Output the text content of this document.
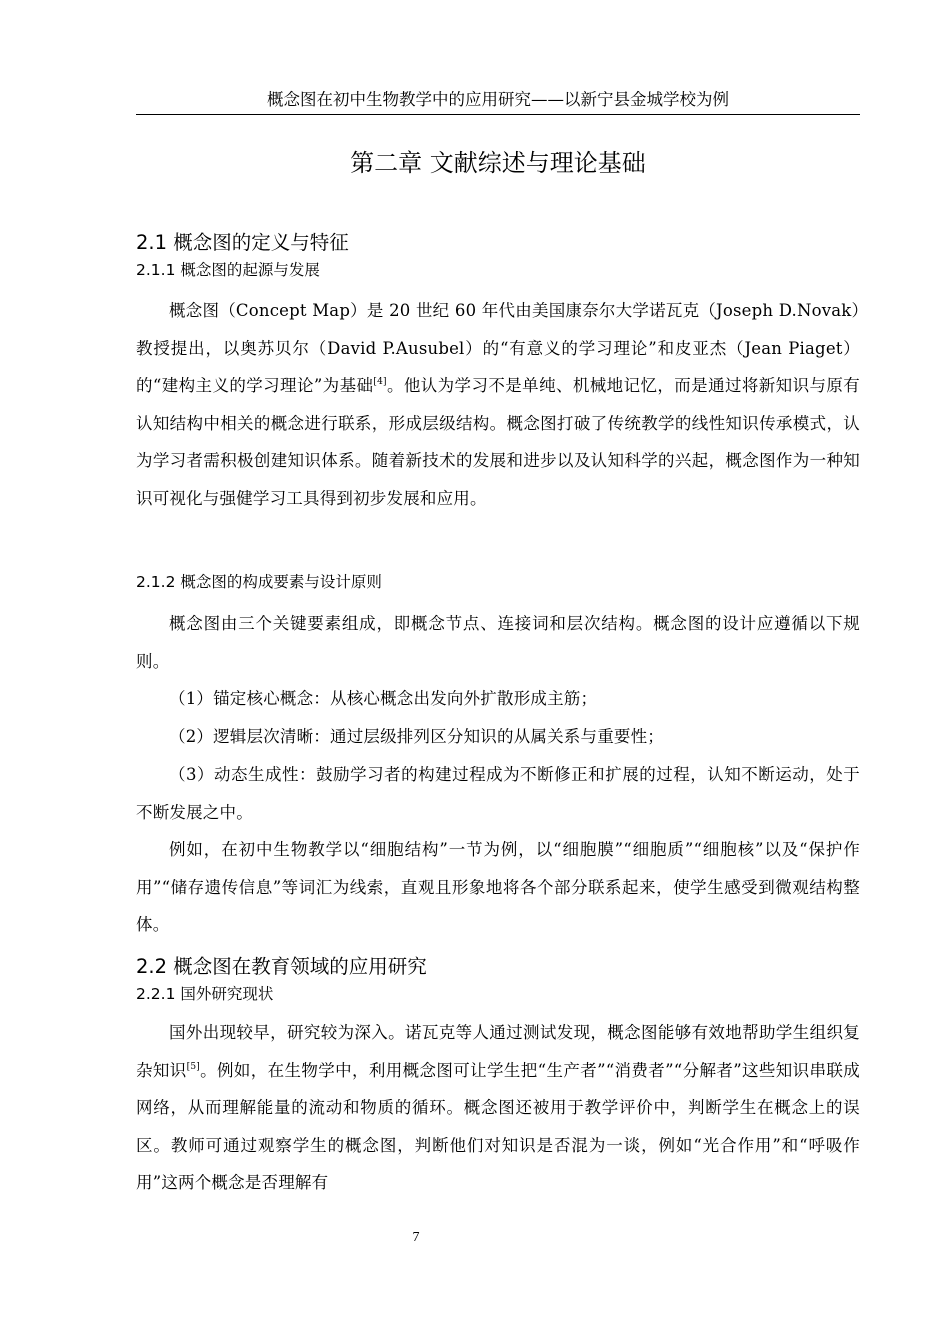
概念图在初中生物教学中的应用研究——以新宁县金城学校为例
第二章 文献综述与理论基础
2.1 概念图的定义与特征
2.1.1 概念图的起源与发展
概念图（Concept Map）是 20 世纪 60 年代由美国康奈尔大学诺瓦克（Joseph D.Novak）教授提出，以奥苏贝尔（David P.Ausubel）的“有意义的学习理论”和皮亚杰（Jean Piaget）的“建构主义的学习理论”为基础[4]。他认为学习不是单纯、机械地记忆，而是通过将新知识与原有认知结构中相关的概念进行联系，形成层级结构。概念图打破了传统教学的线性知识传承模式，认为学习者需积极创建知识体系。随着新技术的发展和进步以及认知科学的兴起，概念图作为一种知识可视化与强健学习工具得到初步发展和应用。
2.1.2 概念图的构成要素与设计原则
概念图由三个关键要素组成，即概念节点、连接词和层次结构。概念图的设计应遵循以下规则。
（1）锚定核心概念：从核心概念出发向外扩散形成主筋；
（2）逻辑层次清晰：通过层级排列区分知识的从属关系与重要性；
（3）动态生成性：鼓励学习者的构建过程成为不断修正和扩展的过程，认知不断运动，处于不断发展之中。
例如，在初中生物教学以“细胞结构”一节为例，以“细胞膜”“细胞质”“细胞核”以及“保护作用”“储存遗传信息”等词汇为线索，直观且形象地将各个部分联系起来，使学生感受到微观结构整体。
2.2 概念图在教育领域的应用研究
2.2.1 国外研究现状
国外出现较早，研究较为深入。诺瓦克等人通过测试发现，概念图能够有效地帮助学生组织复杂知识[5]。例如，在生物学中，利用概念图可让学生把“生产者”“消费者”“分解者”这些知识串联成网络，从而理解能量的流动和物质的循环。概念图还被用于教学评价中，判断学生在概念上的误区。教师可通过观察学生的概念图，判断他们对知识是否混为一谈，例如“光合作用”和“呼吸作用”这两个概念是否理解有
7
